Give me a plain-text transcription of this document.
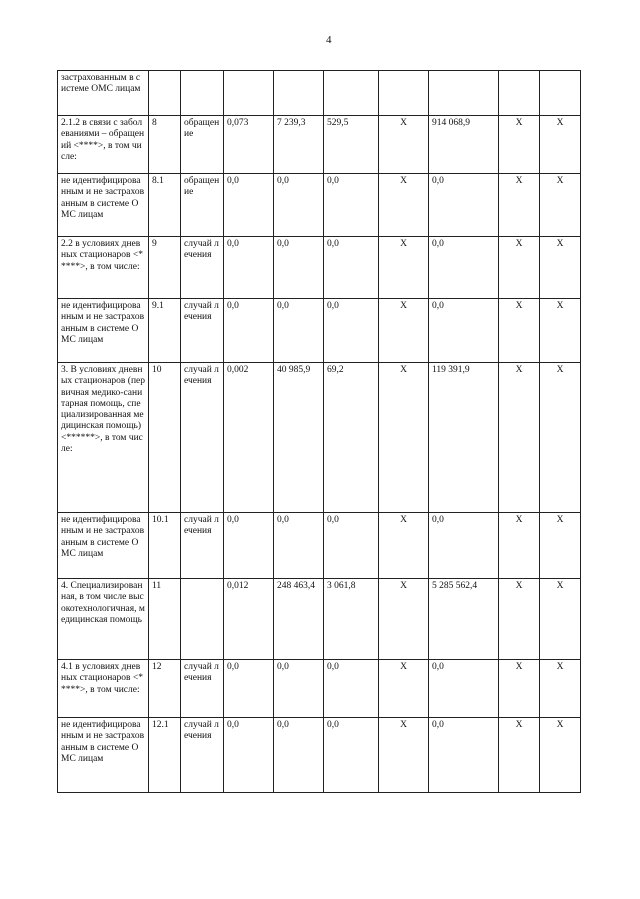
4
застрахованным в системе ОМС лицам									
2.1.2 в связи с заболеваниями – обращений <****>, в том числе:	8	обращение	0,073	7 239,3	529,5	X	914 068,9	X	X
не идентифицированным и не застрахованным в системе ОМС лицам	8.1	обращение	0,0	0,0	0,0	X	0,0	X	X
2.2 в условиях дневных стационаров <*****>, в том числе:	9	случай лечения	0,0	0,0	0,0	X	0,0	X	X
не идентифицированным и не застрахованным в системе ОМС лицам	9.1	случай лечения	0,0	0,0	0,0	X	0,0	X	X
3. В условиях дневных стационаров (первичная медико-санитарная помощь, специализированная медицинская помощь) <******>, в том числе:	10	случай лечения	0,002	40 985,9	69,2	X	119 391,9	X	X
не идентифицированным и не застрахованным в системе ОМС лицам	10.1	случай лечения	0,0	0,0	0,0	X	0,0	X	X
4. Специализированная, в том числе высокотехнологичная, медицинская помощь	11		0,012	248 463,4	3 061,8	X	5 285 562,4	X	X
4.1 в условиях дневных стационаров <*****>, в том числе:	12	случай лечения	0,0	0,0	0,0	X	0,0	X	X
не идентифицированным и не застрахованным в системе ОМС лицам	12.1	случай лечения	0,0	0,0	0,0	X	0,0	X	X
